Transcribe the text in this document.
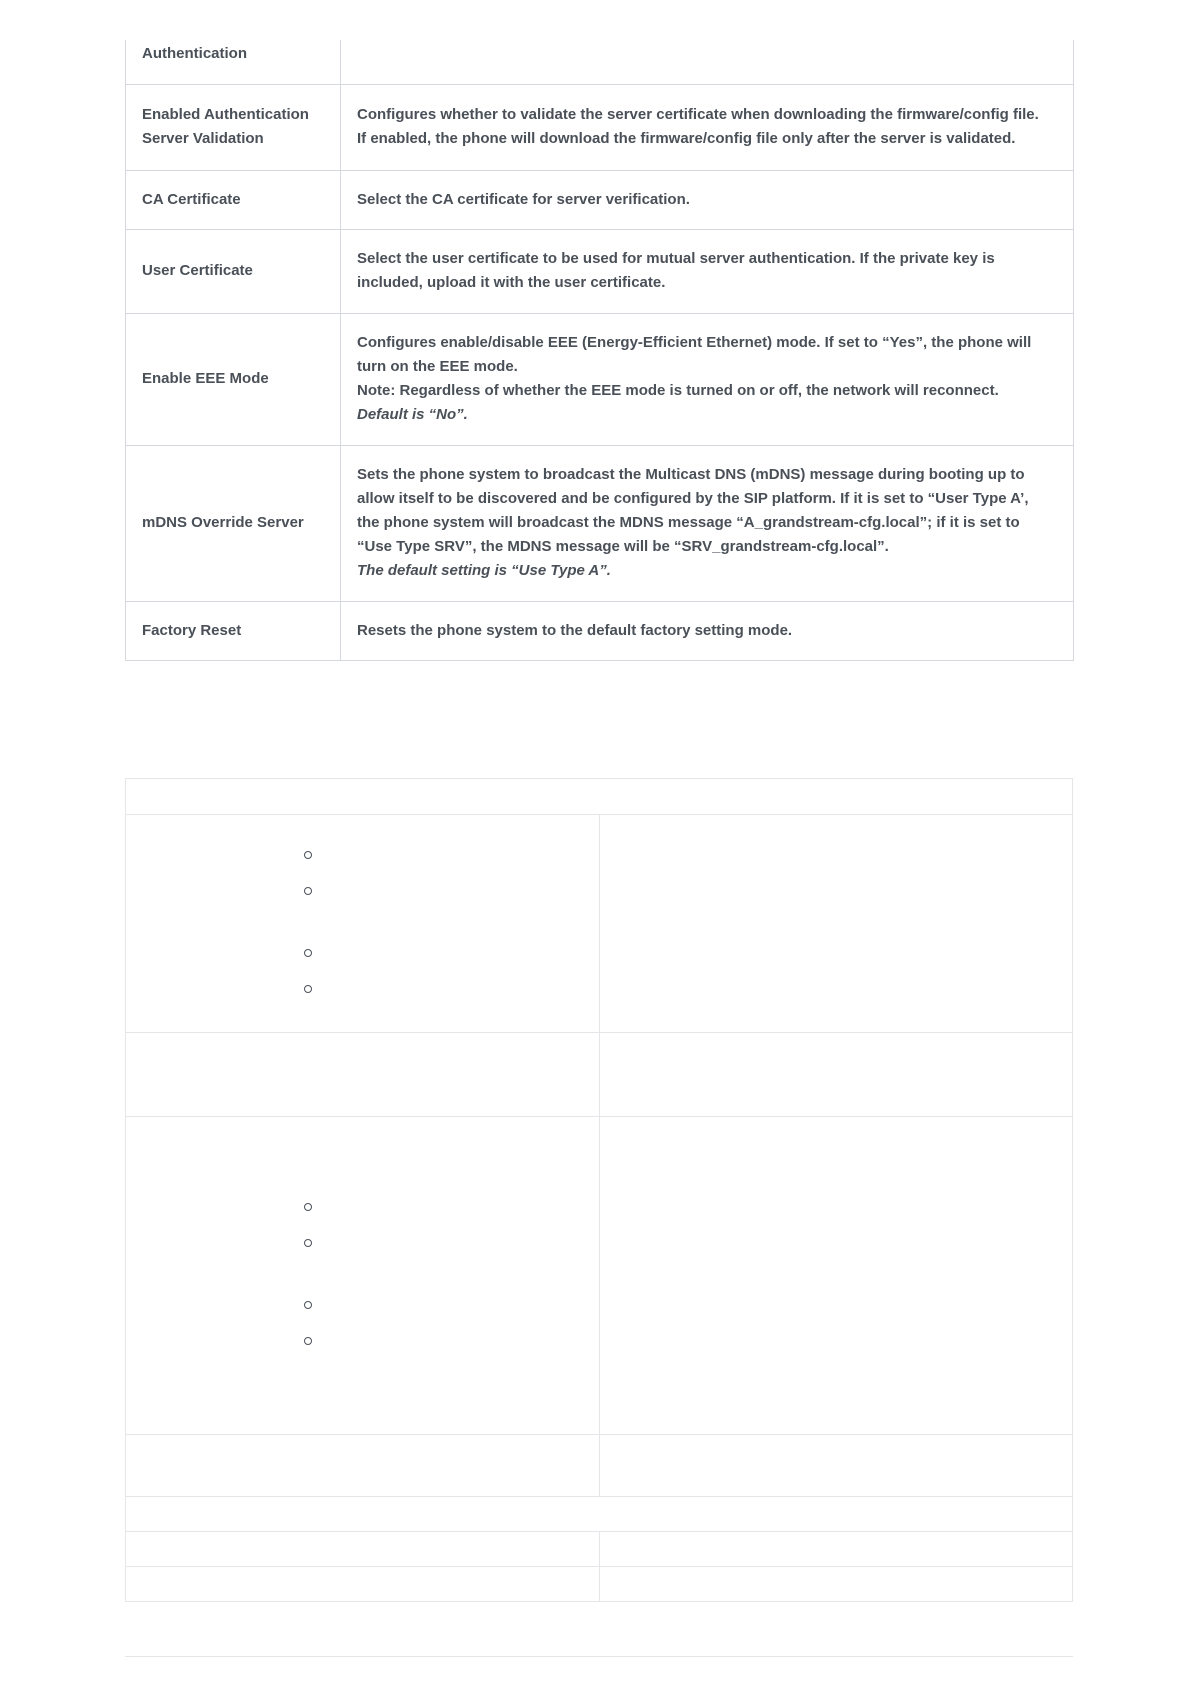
Authentication	

Enabled Authentication
Server Validation	Configures whether to validate the server certificate when downloading the firmware/config file.
If enabled, the phone will download the firmware/config file only after the server is validated.

CA Certificate	Select the CA certificate for server verification.

User Certificate	Select the user certificate to be used for mutual server authentication. If the private key is
included, upload it with the user certificate.

Enable EEE Mode	Configures enable/disable EEE (Energy-Efficient Ethernet) mode. If set to “Yes”, the phone will
turn on the EEE mode.
Note: Regardless of whether the EEE mode is turned on or off, the network will reconnect.
Default is “No”.

mDNS Override Server	Sets the phone system to broadcast the Multicast DNS (mDNS) message during booting up to
allow itself to be discovered and be configured by the SIP platform. If it is set to “User Type A’,
the phone system will broadcast the MDNS message “A_grandstream-cfg.local”; if it is set to
“Use Type SRV”, the MDNS message will be “SRV_grandstream-cfg.local”.
The default setting is “Use Type A”.

Factory Reset	Resets the phone system to the default factory setting mode.
